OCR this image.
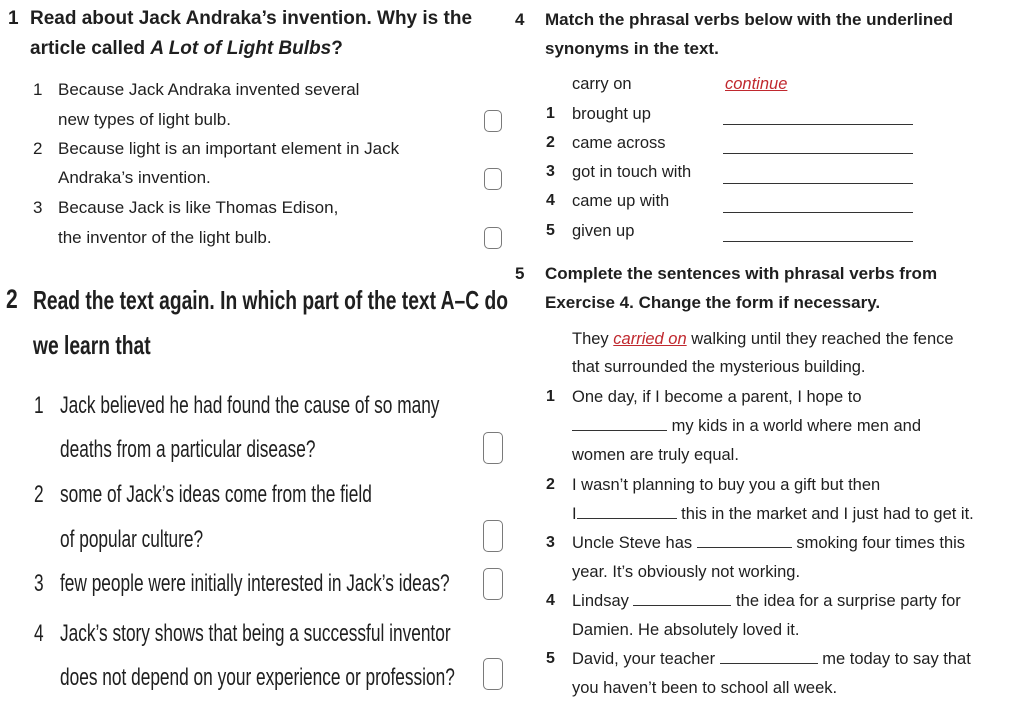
1 Read about Jack Andraka’s invention. Why is the
article called A Lot of Light Bulbs?
1 Because Jack Andraka invented several
new types of light bulb.
2 Because light is an important element in Jack
Andraka’s invention.
3 Because Jack is like Thomas Edison,
the inventor of the light bulb.
2 Read the text again. In which part of the text A–C do
we learn that
1 Jack believed he had found the cause of so many
deaths from a particular disease?
2 some of Jack’s ideas come from the field
of popular culture?
3 few people were initially interested in Jack’s ideas?
4 Jack’s story shows that being a successful inventor
does not depend on your experience or profession?
4 Match the phrasal verbs below with the underlined
synonyms in the text.
carry on	continue
1 brought up
2 came across
3 got in touch with
4 came up with
5 given up
5 Complete the sentences with phrasal verbs from
Exercise 4. Change the form if necessary.
They carried on walking until they reached the fence
that surrounded the mysterious building.
1 One day, if I become a parent, I hope to
my kids in a world where men and
women are truly equal.
2 I wasn’t planning to buy you a gift but then
I	this in the market and I just had to get it.
3 Uncle Steve has	smoking four times this
year. It’s obviously not working.
4 Lindsay	the idea for a surprise party for
Damien. He absolutely loved it.
5 David, your teacher	me today to say that
you haven’t been to school all week.
